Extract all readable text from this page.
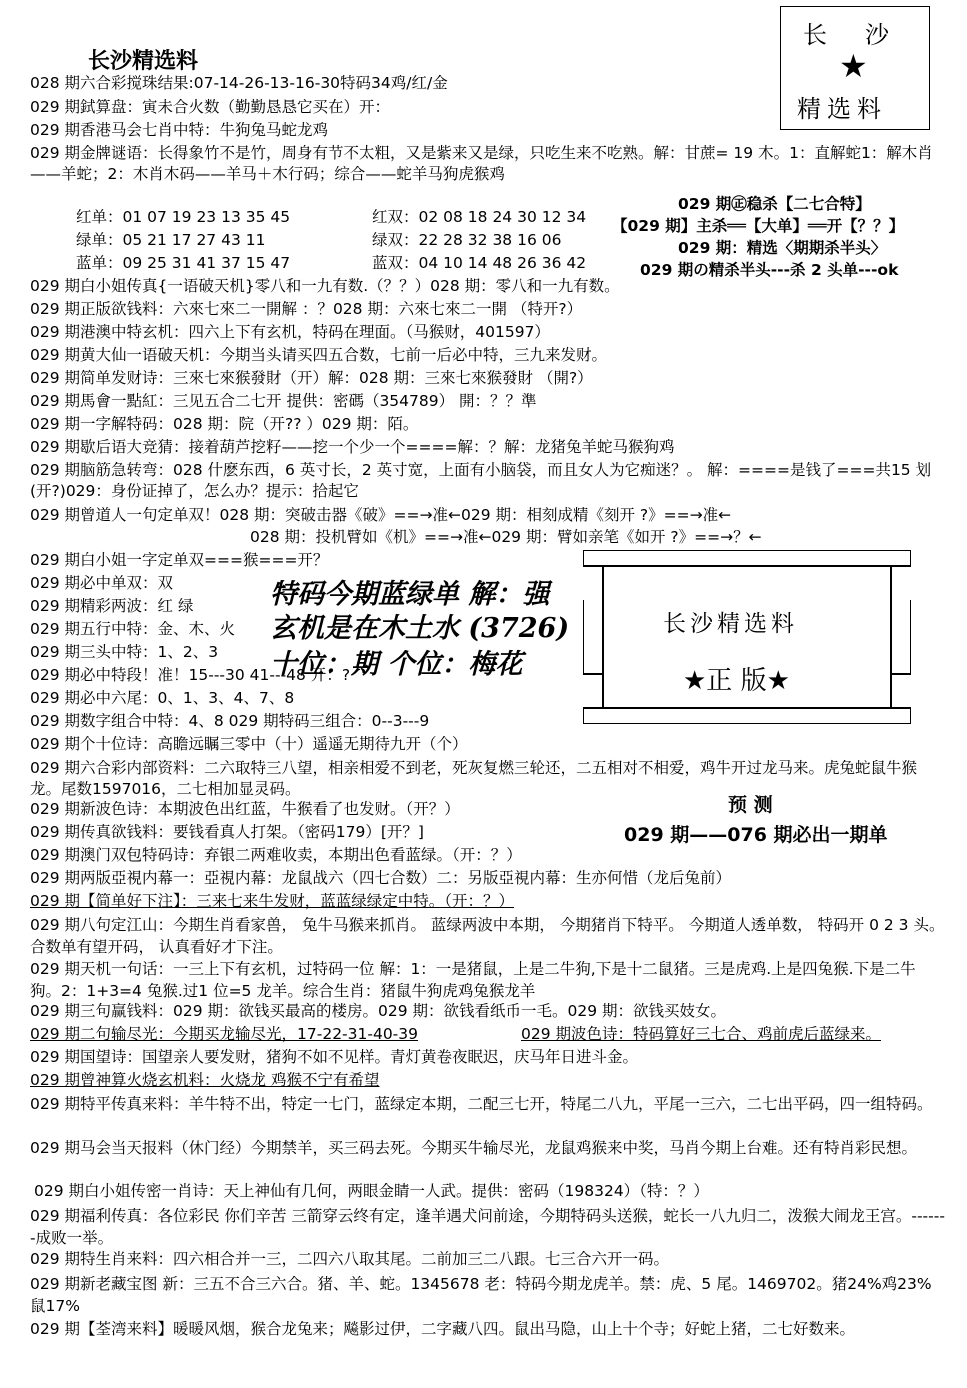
长沙精选料
长沙
★
精选料
028 期六合彩搅珠结果:07-14-26-13-16-30特码34鸡/红/金
029 期鉽算盘：寅未合火数（勤勤恳恳它买在）开：
029 期香港马会七肖中特：牛狗兔马蛇龙鸡
029 期金牌谜语：长得象竹不是竹，周身有节不太粗，又是紫来又是绿，只吃生来不吃熟。解：甘蔗= 19 木。1：直解蛇1：解木肖——羊蛇；2：木肖木码——羊马＋木行码；综合——蛇羊马狗虎猴鸡
红单：01 07 19 23 13 35 45
绿单：05 21 17 27 43 11
蓝单：09 25 31 41 37 15 47
红双：02 08 18 24 30 12 34
绿双：22 28 32 38 16 06
蓝双：04 10 14 48 26 36 42
029 期㊣稳杀【二七合特】
【029 期】主杀══【大单】══开【？？】
029 期：精选〈期期杀半头〉
029 期の精杀半头---杀 2 头单---ok
029 期白小姐传真{一语破天机}零八和一九有数.（？？）028 期：零八和一九有数。
029 期正版欲钱料：六來七來二一開解 ：？028 期：六來七來二一開 （特开?）
029 期港澳中特玄机：四六上下有玄机，特码在理面。（马猴财，401597）
029 期黄大仙一语破天机：今期当头请买四五合数，七前一后必中特，三九来发财。
029 期简单发财诗：三來七來猴發財（开）解：028 期：三來七來猴發財 （開?）
029 期馬會一點紅：三见五合二七开 提供：密碼（354789） 開：？？準
029 期一字解特码：028 期：院（开?? ）029 期：陌。
029 期歇后语大竞猜：接着葫芦挖籽——挖一个少一个====解：？解：龙猪兔羊蛇马猴狗鸡
029 期脑筋急转弯：028 什麽东西，6 英寸长，2 英寸宽，上面有小脑袋，而且女人为它痴迷？。 解：====是钱了===共15 划(开?)029：身份证掉了，怎么办？提示：拾起它
029 期曾道人一句定单双！028 期：突破击器《破》==→准←029 期：相刻成精《刻开 ?》==→准←
028 期：投机臂如《机》==→准←029 期：臂如亲笔《如开 ?》==→？←
029 期白小姐一字定单双===猴===开？
029 期必中单双：双
029 期精彩两波：红 绿
029 期五行中特：金、木、火
029 期三头中特：1、2、3
029 期必中特段！准！15---30 41---48 开：?
029 期必中六尾：0、1、3、4、7、8
029 期数字组合中特：4、8 029 期特码三组合：0--3---9
029 期个十位诗：高瞻远瞩三零中（十）遥遥无期待九开（个）
特码今期蓝绿单 解：强
玄机是在木土水 (3726)
十位：期 个位：梅花
长沙精选料
★正 版★
029 期六合彩内部资料：二六取特三八望，相亲相爱不到老，死灰复燃三轮还，二五相对不相爱，鸡牛开过龙马来。虎兔蛇鼠牛猴龙。尾数1597016，二七相加显灵码。
029 期新波色诗：本期波色出红蓝，牛猴看了也发财。（开？）
029 期传真欲钱料：要钱看真人打架。（密码179）[开？]
029 期澳门双包特码诗：弃银二两难收卖，本期出色看蓝绿。（开：？）
029 期两版亞視内幕一：亞視内幕：龙鼠战六（四七合数）二：另版亞視内幕：生亦何惜（龙后兔前）
029 期【简单好下注】：三来七来牛发财，蓝蓝绿绿定中特。（开：？）
预 测
029 期——076 期必出一期单
029 期八句定江山：今期生肖看家兽， 兔牛马猴来抓肖。 蓝绿两波中本期， 今期猪肖下特平。 今期道人透单数， 特码开 0 2 3 头。 合数单有望开码， 认真看好才下注。
029 期天机一句话：一三上下有玄机，过特码一位 解：1：一是猪鼠，上是二牛狗,下是十二鼠猪。三是虎鸡.上是四兔猴.下是二牛狗。2：1+3=4 兔猴.过1 位=5 龙羊。综合生肖：猪鼠牛狗虎鸡兔猴龙羊
029 期三句赢钱料：029 期：欲钱买最高的楼房。029 期：欲钱看纸币一毛。029 期：欲钱买妓女。
029 期二句输尽光：今期买龙输尽光，17-22-31-40-39	029 期波色诗：特码算好三七合、鸡前虎后蓝绿来。
029 期国望诗：国望亲人要发财，猪狗不如不见样。青灯黄卷夜眠迟，庆马年日进斗金。
029 期曾神算火烧玄机料：火烧龙 鸡猴不宁有希望
029 期特平传真来料：羊牛特不出，特定一七门，蓝绿定本期，二配三七开，特尾二八九，平尾一三六，二七出平码，四一组特码。
029 期马会当天报料（休门经）今期禁羊，买三码去死。今期买牛输尽光，龙鼠鸡猴来中奖，马肖今期上台难。还有特肖彩民想。
029 期白小姐传密一肖诗：天上神仙有几何，两眼金睛一人武。提供：密码（198324）（特：？）
029 期福利传真：各位彩民 你们辛苦 三箭穿云终有定，逢羊遇犬问前途，今期特码头送猴，蛇长一八九归二，泼猴大闹龙王宫。-------成败一举。
029 期特生肖来料：四六相合并一三，二四六八取其尾。二前加三二八跟。七三合六开一码。
029 期新老藏宝图 新：三五不合三六合。猪、羊、蛇。1345678 老：特码今期龙虎羊。禁：虎、5 尾。1469702。猪24%鸡23%鼠17%
029 期【荃湾来料】暖暖风烟，猴合龙兔来；飚影过伊，二字藏八四。鼠出马隐，山上十个寺；好蛇上猪，二七好数来。
